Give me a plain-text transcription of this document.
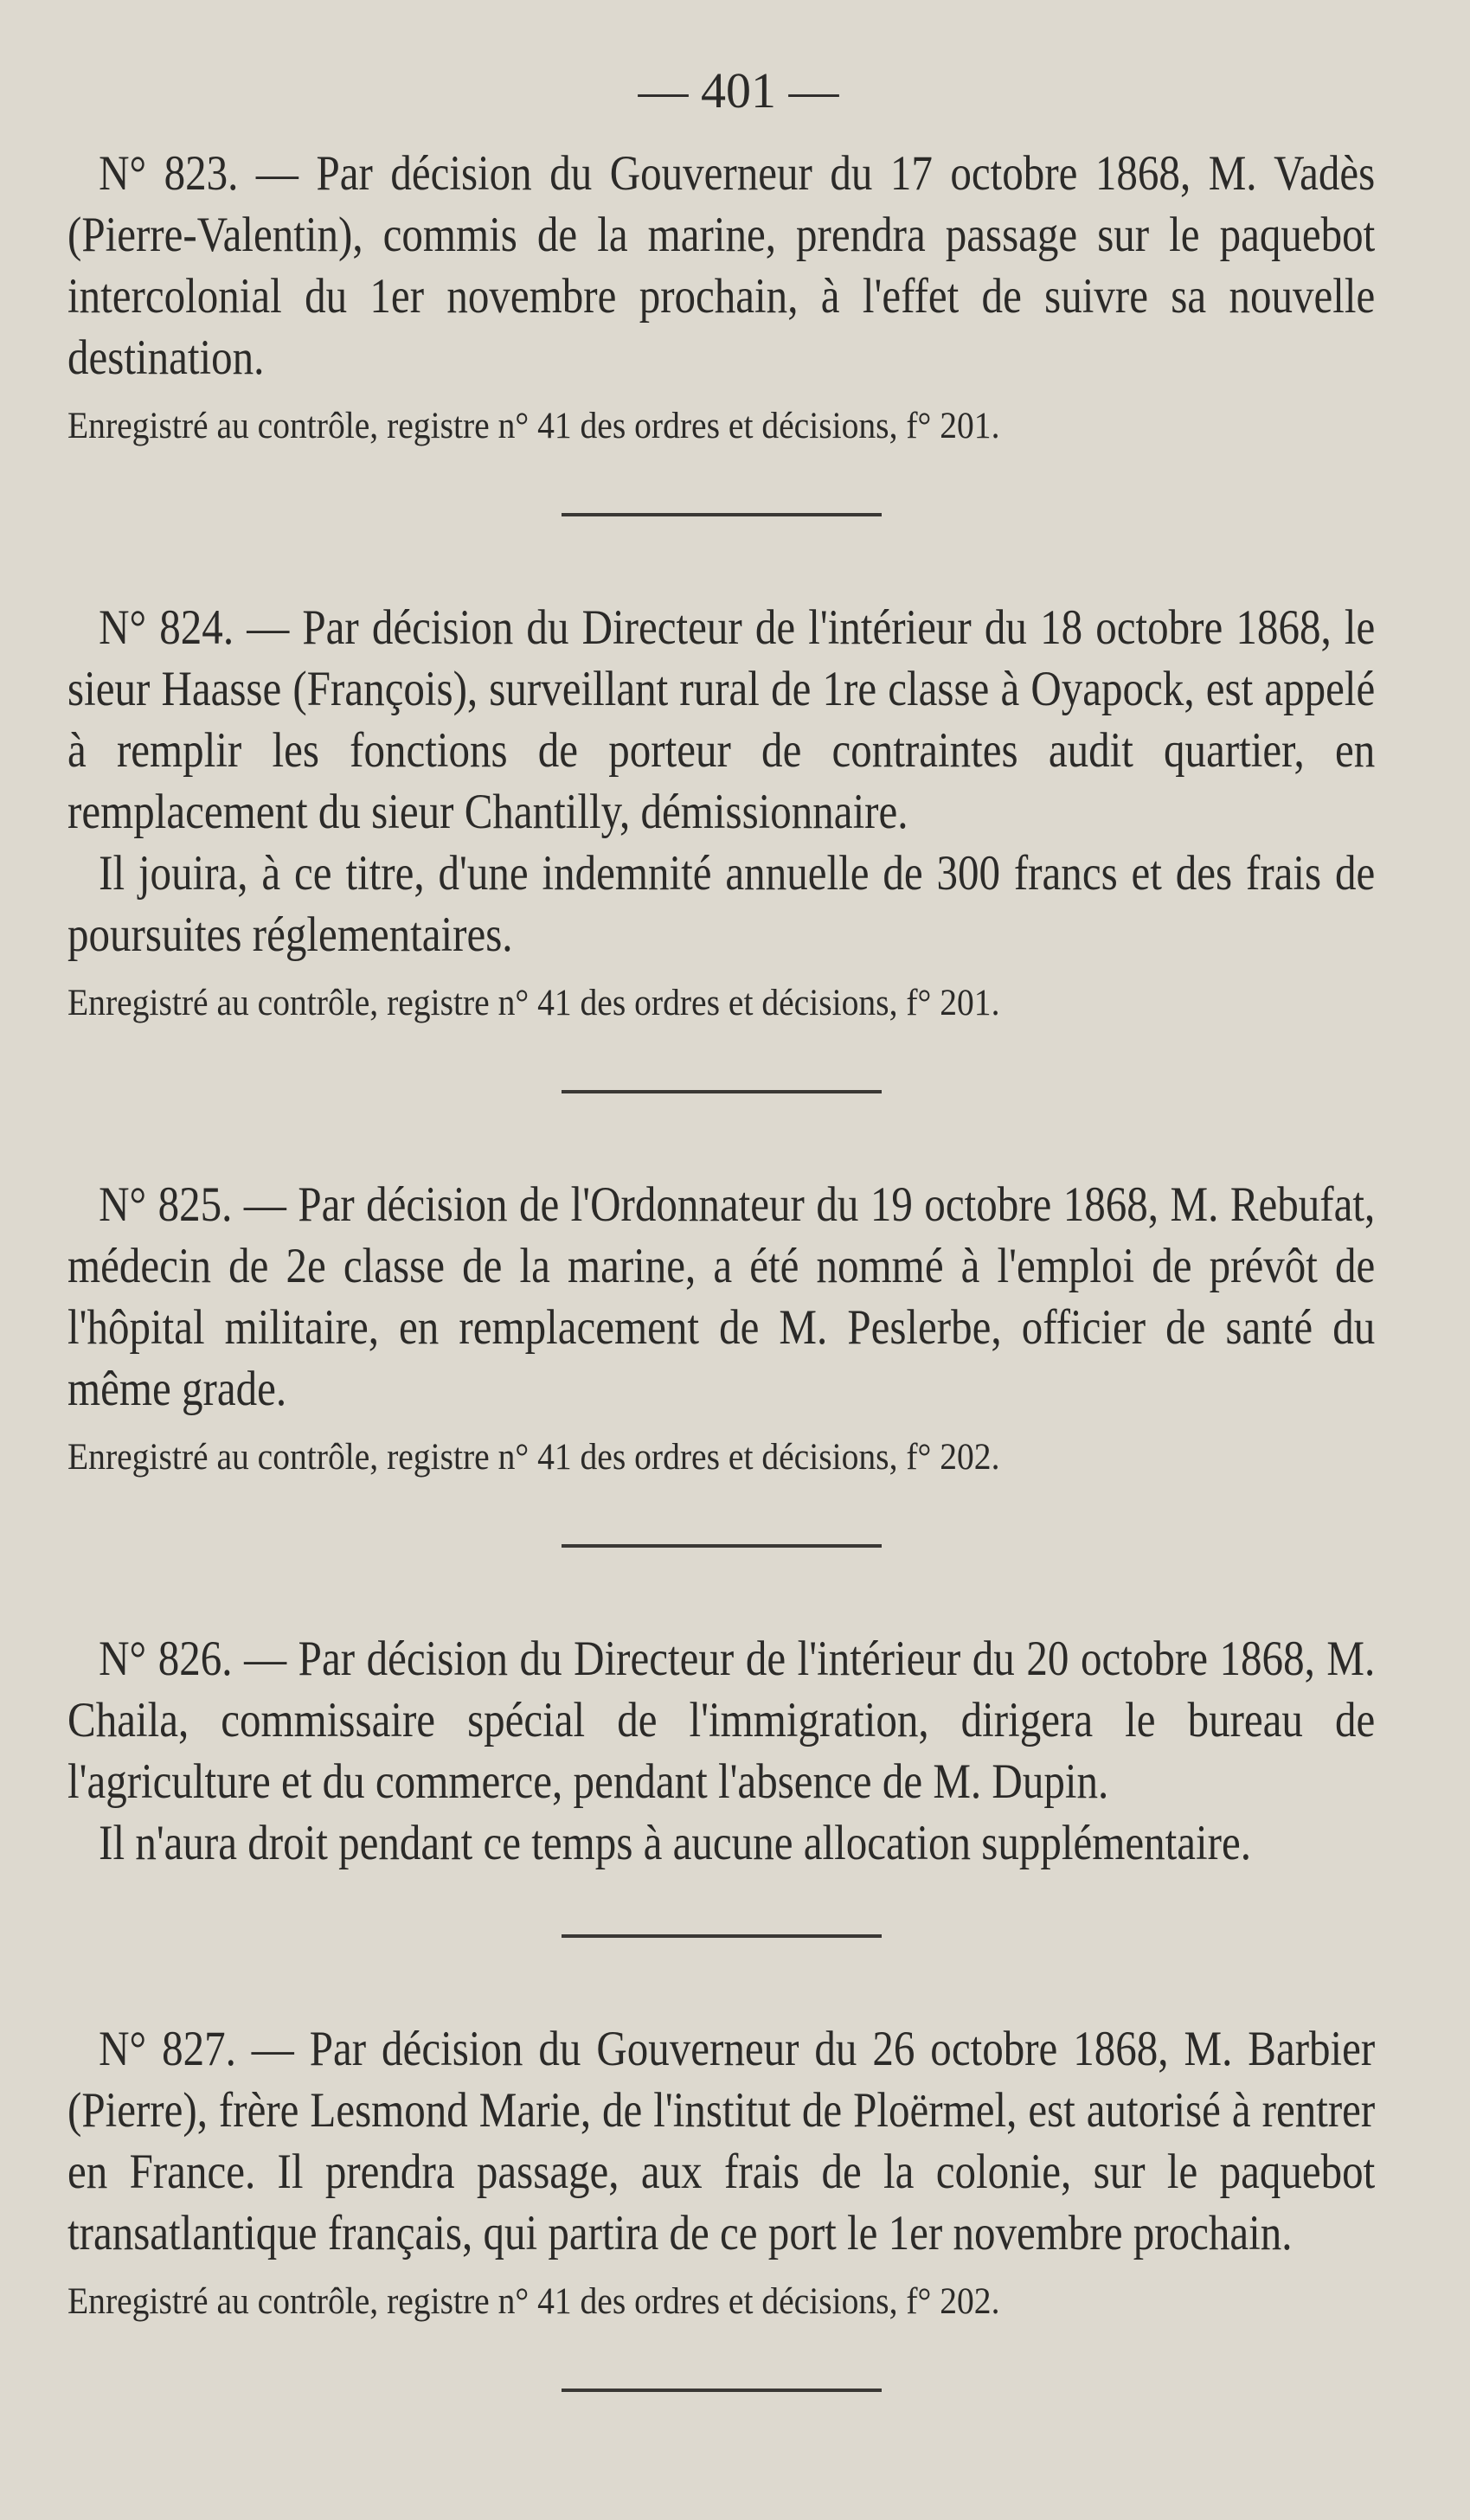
— 401 —

N° 823. — Par décision du Gouverneur du 17 octobre 1868, M. Vadès (Pierre-Valentin), commis de la marine, prendra passage sur le paquebot intercolonial du 1er novembre prochain, à l'effet de suivre sa nouvelle destination.

Enregistré au contrôle, registre n° 41 des ordres et décisions, f° 201.

N° 824. — Par décision du Directeur de l'intérieur du 18 octobre 1868, le sieur Haasse (François), surveillant rural de 1re classe à Oyapock, est appelé à remplir les fonctions de porteur de contraintes audit quartier, en remplacement du sieur Chantilly, démissionnaire.

Il jouira, à ce titre, d'une indemnité annuelle de 300 francs et des frais de poursuites réglementaires.

Enregistré au contrôle, registre n° 41 des ordres et décisions, f° 201.

N° 825. — Par décision de l'Ordonnateur du 19 octobre 1868, M. Rebufat, médecin de 2e classe de la marine, a été nommé à l'emploi de prévôt de l'hôpital militaire, en remplacement de M. Peslerbe, officier de santé du même grade.

Enregistré au contrôle, registre n° 41 des ordres et décisions, f° 202.

N° 826. — Par décision du Directeur de l'intérieur du 20 octobre 1868, M. Chaila, commissaire spécial de l'immigration, dirigera le bureau de l'agriculture et du commerce, pendant l'absence de M. Dupin.

Il n'aura droit pendant ce temps à aucune allocation supplémentaire.

N° 827. — Par décision du Gouverneur du 26 octobre 1868, M. Barbier (Pierre), frère Lesmond Marie, de l'institut de Ploërmel, est autorisé à rentrer en France. Il prendra passage, aux frais de la colonie, sur le paquebot transatlantique français, qui partira de ce port le 1er novembre prochain.

Enregistré au contrôle, registre n° 41 des ordres et décisions, f° 202.
